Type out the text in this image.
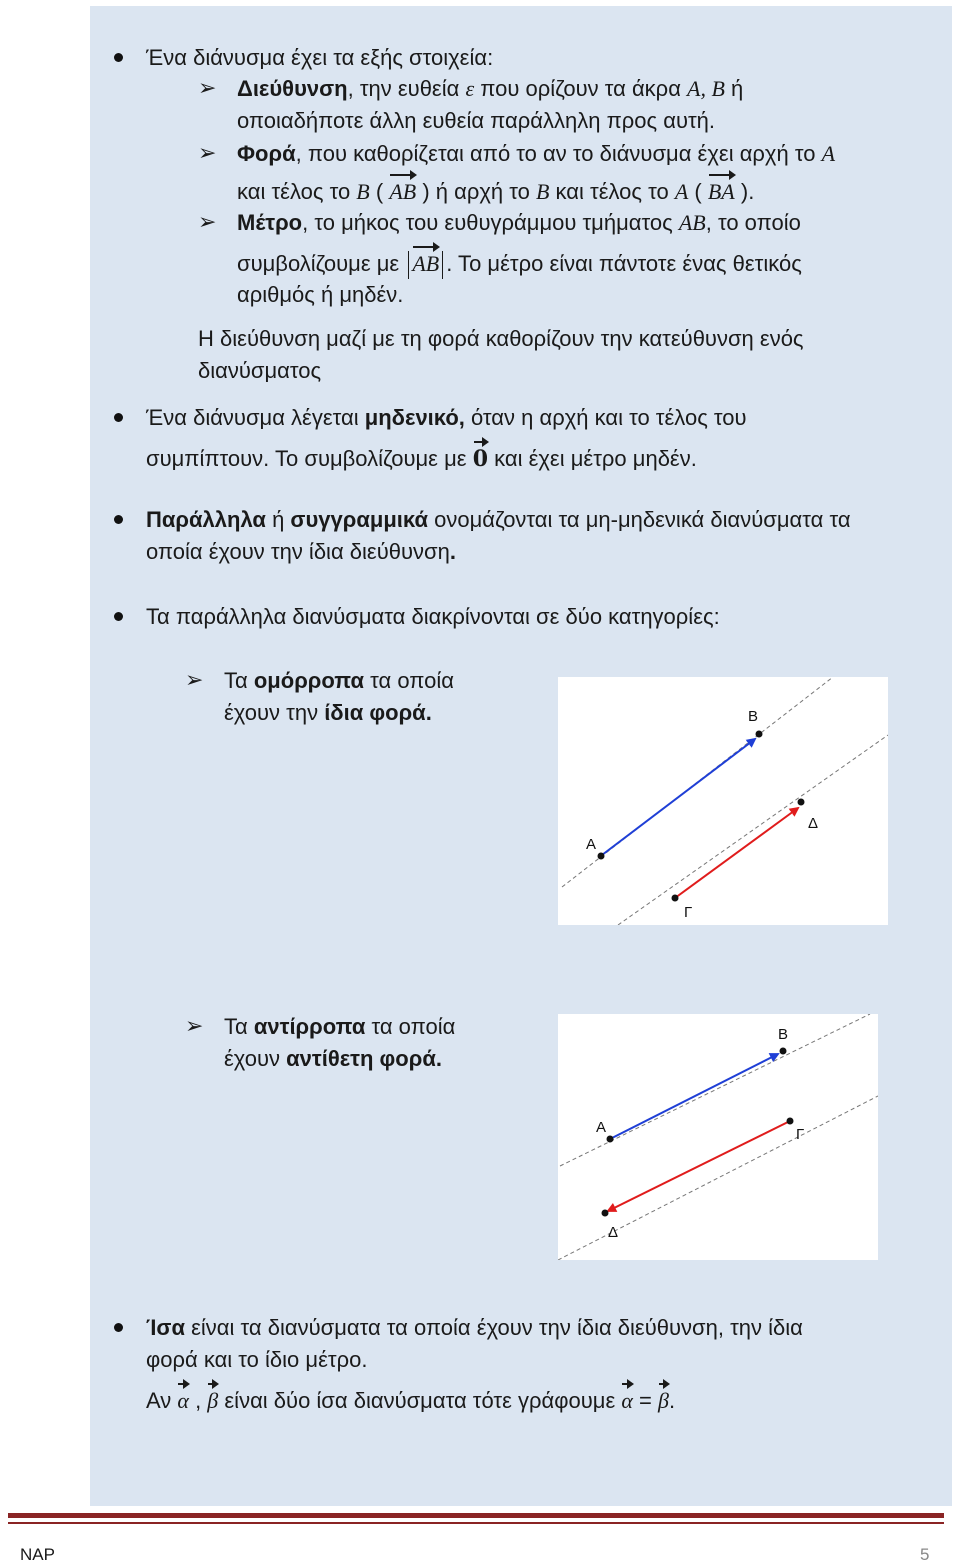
Ένα διάνυσμα έχει τα εξής στοιχεία:
➢ Διεύθυνση, την ευθεία ε που ορίζουν τα άκρα A, B ή
οποιαδήποτε άλλη ευθεία παράλληλη προς αυτή.
➢ Φορά, που καθορίζεται από το αν το διάνυσμα έχει αρχή το A
και τέλος το B ( AB ) ή αρχή το B και τέλος το A ( BA ).
➢ Μέτρο, το μήκος του ευθυγράμμου τμήματος AB, το οποίο
συμβολίζουμε με AB . Το μέτρο είναι πάντοτε ένας θετικός
αριθμός ή μηδέν.
Η διεύθυνση μαζί με τη φορά καθορίζουν την κατεύθυνση ενός
διανύσματος
Ένα διάνυσμα λέγεται μηδενικό, όταν η αρχή και το τέλος του
συμπίπτουν. Το συμβολίζουμε με 0 και έχει μέτρο μηδέν.
Παράλληλα ή συγγραμμικά ονομάζονται τα μη-μηδενικά διανύσματα τα
οποία έχουν την ίδια διεύθυνση.
Τα παράλληλα διανύσματα διακρίνονται σε δύο κατηγορίες:
➢ Τα ομόρροπα τα οποία
έχουν την ίδια φορά.	Β
Α
Δ
Γ
➢ Τα αντίρροπα τα οποία
έχουν αντίθετη φορά.
Β
Α	Γ
Δ
Ίσα είναι τα διανύσματα τα οποία έχουν την ίδια διεύθυνση, την ίδια
φορά και το ίδιο μέτρο.
Αν α , β είναι δύο ίσα διανύσματα τότε γράφουμε α = β.
NAP	5
